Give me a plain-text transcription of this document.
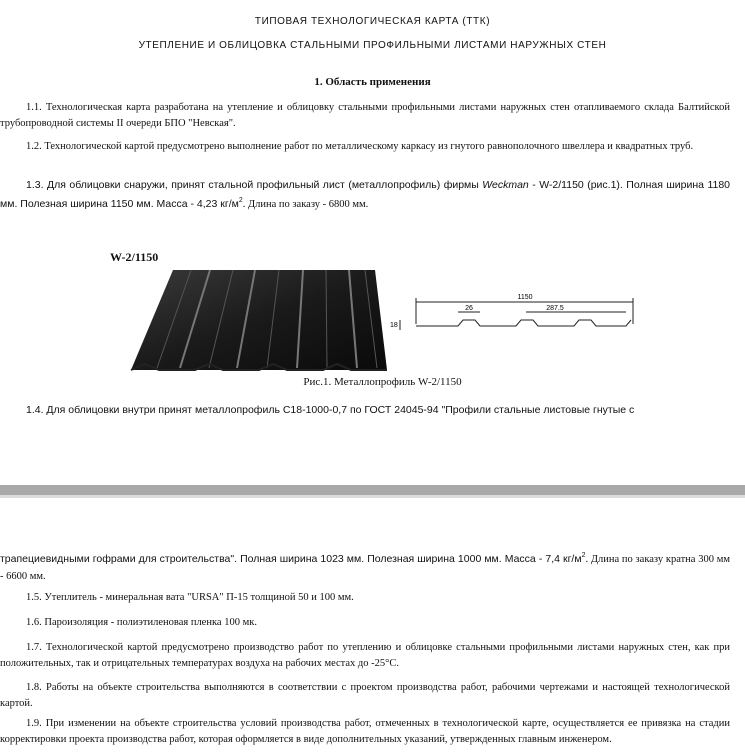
ТИПОВАЯ ТЕХНОЛОГИЧЕСКАЯ КАРТА (ТТК)
УТЕПЛЕНИЕ И ОБЛИЦОВКА СТАЛЬНЫМИ ПРОФИЛЬНЫМИ ЛИСТАМИ НАРУЖНЫХ СТЕН
1. Область применения
1.1. Технологическая карта разработана на утепление и облицовку стальными профильными листами наружных стен отапливаемого склада Балтийской трубопроводной системы II очереди БПО "Невская".
1.2. Технологической картой предусмотрено выполнение работ по металлическому каркасу из гнутого равнополочного швеллера и квадратных труб.
1.3. Для облицовки снаружи, принят стальной профильный лист (металлопрофиль) фирмы Weckman - W-2/1150 (рис.1). Полная ширина 1180 мм. Полезная ширина 1150 мм. Масса - 4,23 $кг/м^2$. Длина по заказу - 6800 мм.
W-2/1150
1150
26	287.5
18
Рис.1. Металлопрофиль W-2/1150
1.4. Для облицовки внутри принят металлопрофиль С18-1000-0,7 по ГОСТ 24045-94 "Профили стальные листовые гнутые с
трапециевидными гофрами для строительства". Полная ширина 1023 мм. Полезная ширина 1000 мм. Масса - 7,4 $кг/м^2$. Длина по заказу кратна 300 мм - 6600 мм.
1.5. Утеплитель - минеральная вата "URSA" П-15 толщиной 50 и 100 мм.
1.6. Пароизоляция - полиэтиленовая пленка 100 мк.
1.7. Технологической картой предусмотрено производство работ по утеплению и облицовке стальными профильными листами наружных стен, как при положительных, так и отрицательных температурах воздуха на рабочих местах до -25°С.
1.8. Работы на объекте строительства выполняются в соответствии с проектом производства работ, рабочими чертежами и настоящей технологической картой.
1.9. При изменении на объекте строительства условий производства работ, отмеченных в технологической карте, осуществляется ее привязка на стадии корректировки проекта производства работ, которая оформляется в виде дополнительных указаний, утвержденных главным инженером.
